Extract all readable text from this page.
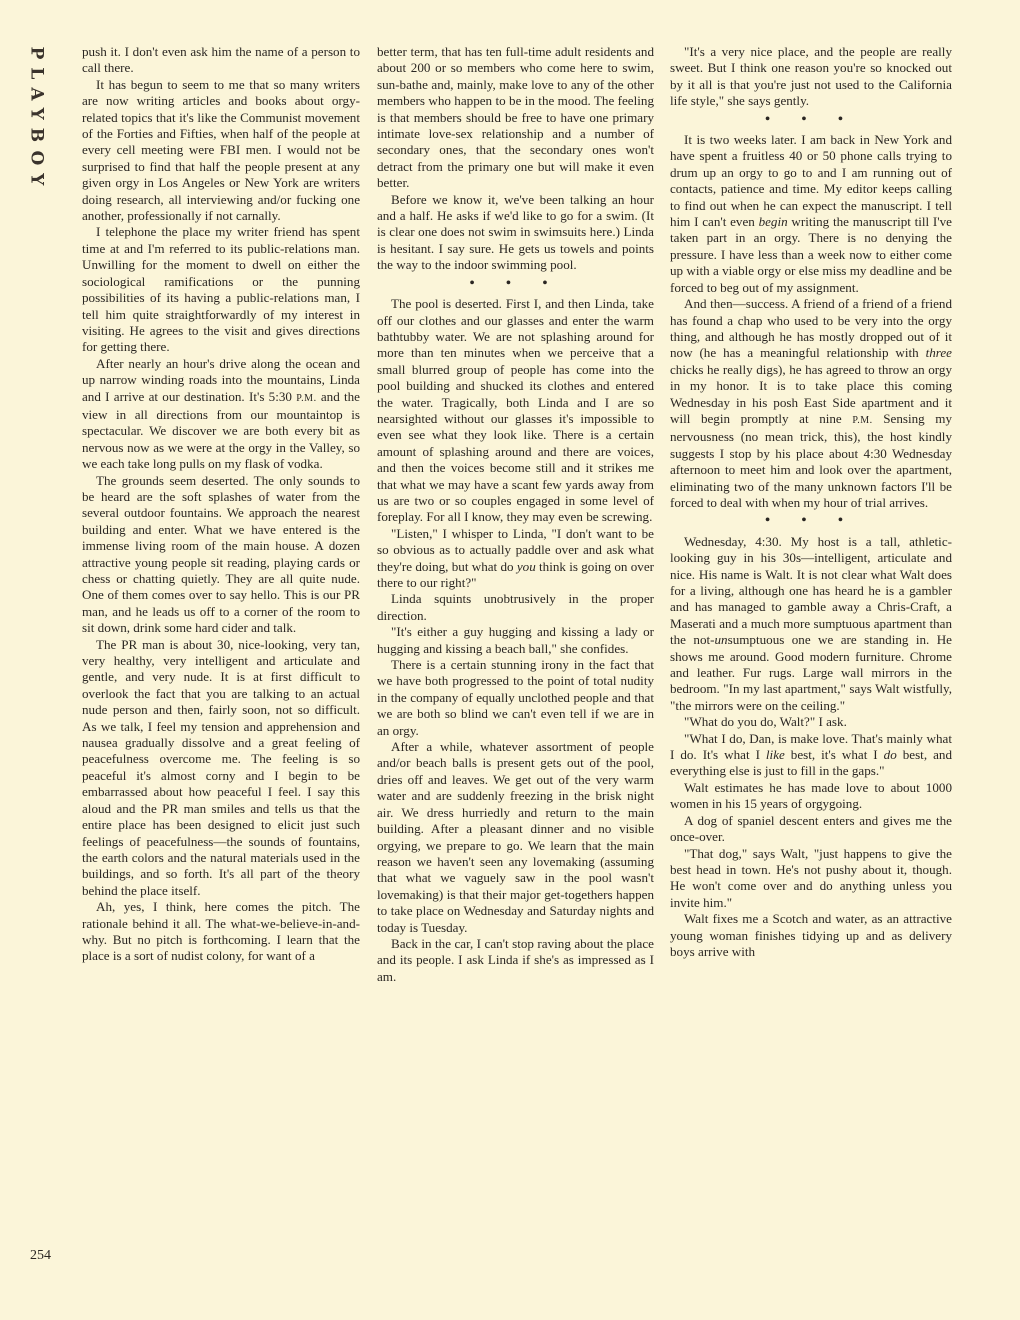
PLAYBOY	push it. I don't even ask him the name of a person to call there.

It has begun to seem to me that so many writers are now writing articles and books about orgy-related topics that it's like the Communist movement of the Forties and Fifties, when half of the people at every cell meeting were FBI men. I would not be surprised to find that half the people present at any given orgy in Los Angeles or New York are writers doing research, all interviewing and/or fucking one another, professionally if not carnally.

I telephone the place my writer friend has spent time at and I'm referred to its public-relations man. Unwilling for the moment to dwell on either the sociological ramifications or the punning possibilities of its having a public-relations man, I tell him quite straightforwardly of my interest in visiting. He agrees to the visit and gives directions for getting there.

After nearly an hour's drive along the ocean and up narrow winding roads into the mountains, Linda and I arrive at our destination. It's 5:30 P.M. and the view in all directions from our mountaintop is spectacular. We discover we are both every bit as nervous now as we were at the orgy in the Valley, so we each take long pulls on my flask of vodka.

The grounds seem deserted. The only sounds to be heard are the soft splashes of water from the several outdoor fountains. We approach the nearest building and enter. What we have entered is the immense living room of the main house. A dozen attractive young people sit reading, playing cards or chess or chatting quietly. They are all quite nude. One of them comes over to say hello. This is our PR man, and he leads us off to a corner of the room to sit down, drink some hard cider and talk.

The PR man is about 30, nice-looking, very tan, very healthy, very intelligent and articulate and gentle, and very nude. It is at first difficult to overlook the fact that you are talking to an actual nude person and then, fairly soon, not so difficult. As we talk, I feel my tension and apprehension and nausea gradually dissolve and a great feeling of peacefulness overcome me. The feeling is so peaceful it's almost corny and I begin to be embarrassed about how peaceful I feel. I say this aloud and the PR man smiles and tells us that the entire place has been designed to elicit just such feelings of peacefulness—the sounds of fountains, the earth colors and the natural materials used in the buildings, and so forth. It's all part of the theory behind the place itself.

Ah, yes, I think, here comes the pitch. The rationale behind it all. The what-we-believe-in-and-why. But no pitch is forthcoming. I learn that the place is a sort of nudist colony, for want of a

better term, that has ten full-time adult residents and about 200 or so members who come here to swim, sun-bathe and, mainly, make love to any of the other members who happen to be in the mood. The feeling is that members should be free to have one primary intimate love-sex relationship and a number of secondary ones, that the secondary ones won't detract from the primary one but will make it even better.

Before we know it, we've been talking an hour and a half. He asks if we'd like to go for a swim. (It is clear one does not swim in swimsuits here.) Linda is hesitant. I say sure. He gets us towels and points the way to the indoor swimming pool.

• • •

The pool is deserted. First I, and then Linda, take off our clothes and our glasses and enter the warm bathtubby water. We are not splashing around for more than ten minutes when we perceive that a small blurred group of people has come into the pool building and shucked its clothes and entered the water. Tragically, both Linda and I are so nearsighted without our glasses it's impossible to even see what they look like. There is a certain amount of splashing around and there are voices, and then the voices become still and it strikes me that what we may have a scant few yards away from us are two or so couples engaged in some level of foreplay. For all I know, they may even be screwing.

"Listen," I whisper to Linda, "I don't want to be so obvious as to actually paddle over and ask what they're doing, but what do you think is going on over there to our right?"

Linda squints unobtrusively in the proper direction.

"It's either a guy hugging and kissing a lady or hugging and kissing a beach ball," she confides.

There is a certain stunning irony in the fact that we have both progressed to the point of total nudity in the company of equally unclothed people and that we are both so blind we can't even tell if we are in an orgy.

After a while, whatever assortment of people and/or beach balls is present gets out of the pool, dries off and leaves. We get out of the very warm water and are suddenly freezing in the brisk night air. We dress hurriedly and return to the main building. After a pleasant dinner and no visible orgying, we prepare to go. We learn that the main reason we haven't seen any lovemaking (assuming that what we vaguely saw in the pool wasn't lovemaking) is that their major get-togethers happen to take place on Wednesday and Saturday nights and today is Tuesday.

Back in the car, I can't stop raving about the place and its people. I ask Linda if she's as impressed as I am.

"It's a very nice place, and the people are really sweet. But I think one reason you're so knocked out by it all is that you're just not used to the California life style," she says gently.

• • •

It is two weeks later. I am back in New York and have spent a fruitless 40 or 50 phone calls trying to drum up an orgy to go to and I am running out of contacts, patience and time. My editor keeps calling to find out when he can expect the manuscript. I tell him I can't even begin writing the manuscript till I've taken part in an orgy. There is no denying the pressure. I have less than a week now to either come up with a viable orgy or else miss my deadline and be forced to beg out of my assignment.

And then—success. A friend of a friend of a friend has found a chap who used to be very into the orgy thing, and although he has mostly dropped out of it now (he has a meaningful relationship with three chicks he really digs), he has agreed to throw an orgy in my honor. It is to take place this coming Wednesday in his posh East Side apartment and it will begin promptly at nine P.M. Sensing my nervousness (no mean trick, this), the host kindly suggests I stop by his place about 4:30 Wednesday afternoon to meet him and look over the apartment, eliminating two of the many unknown factors I'll be forced to deal with when my hour of trial arrives.

• • •

Wednesday, 4:30. My host is a tall, athletic-looking guy in his 30s—intelligent, articulate and nice. His name is Walt. It is not clear what Walt does for a living, although one has heard he is a gambler and has managed to gamble away a Chris-Craft, a Maserati and a much more sumptuous apartment than the not-unsumptuous one we are standing in. He shows me around. Good modern furniture. Chrome and leather. Fur rugs. Large wall mirrors in the bedroom. "In my last apartment," says Walt wistfully, "the mirrors were on the ceiling."

"What do you do, Walt?" I ask.

"What I do, Dan, is make love. That's mainly what I do. It's what I like best, it's what I do best, and everything else is just to fill in the gaps."

Walt estimates he has made love to about 1000 women in his 15 years of orgygoing.

A dog of spaniel descent enters and gives me the once-over.

"That dog," says Walt, "just happens to give the best head in town. He's not pushy about it, though. He won't come over and do anything unless you invite him."

Walt fixes me a Scotch and water, as an attractive young woman finishes tidying up and as delivery boys arrive with

254
